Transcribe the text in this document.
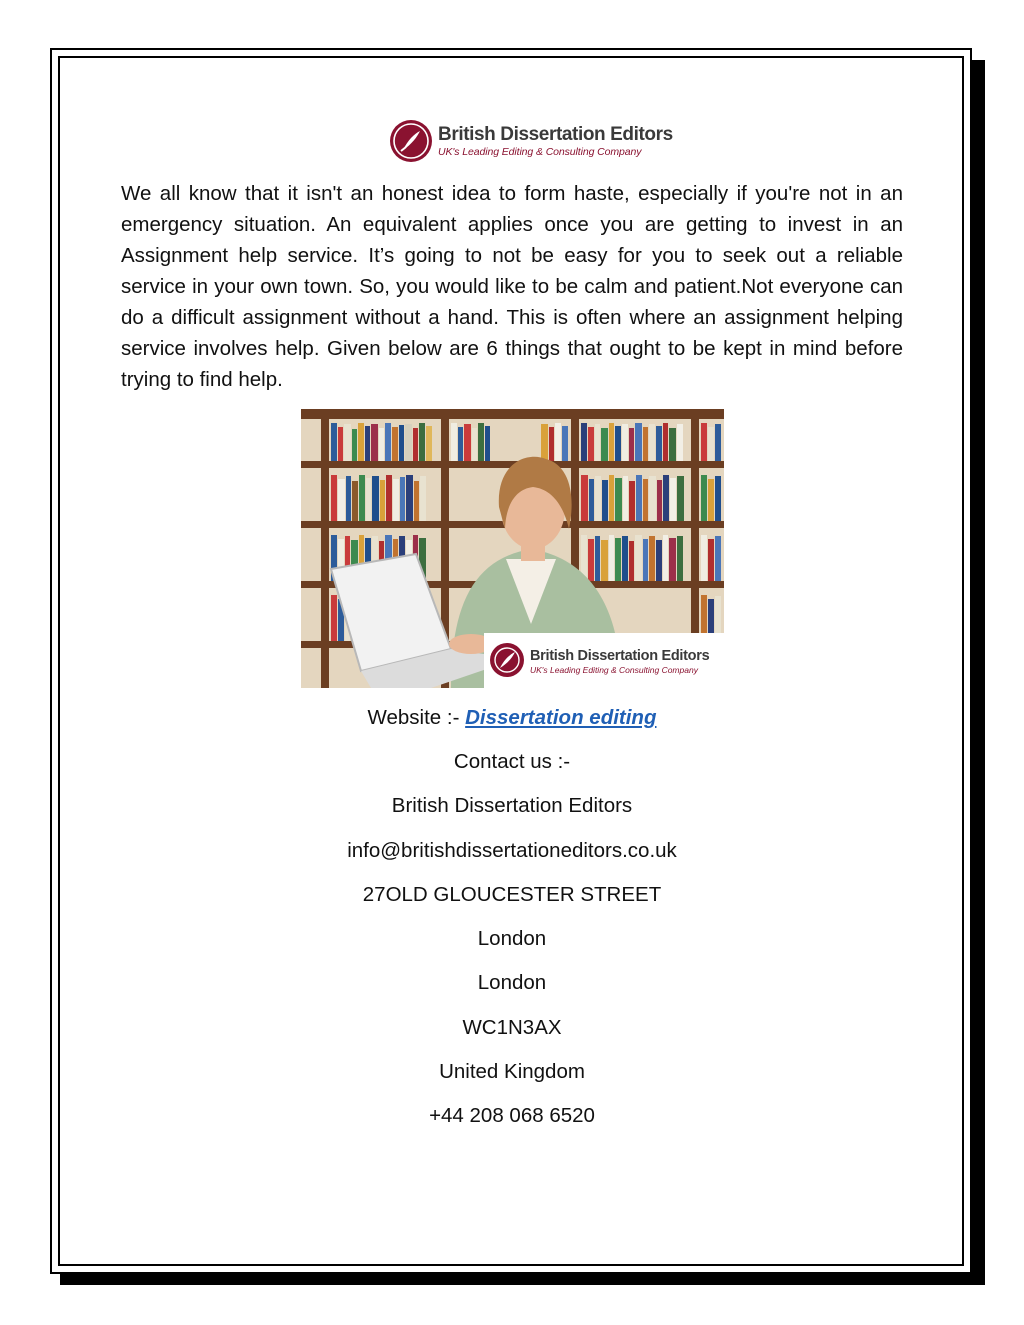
British Dissertation Editors
UK's Leading Editing & Consulting Company

We all know that it isn't an honest idea to form haste, especially if you're not in an emergency situation. An equivalent applies once you are getting to invest in an Assignment help service. It’s going to not be easy for you to seek out a reliable service in your own town. So, you would like to be calm and patient.Not everyone can do a difficult assignment without a hand. This is often where an assignment helping service involves help. Given below are 6 things that ought to be kept in mind before trying to find help.

British Dissertation Editors
UK's Leading Editing & Consulting Company
Website :- Dissertation editing
Contact us :-
British Dissertation Editors
info@britishdissertationeditors.co.uk
27OLD GLOUCESTER STREET
London
London
WC1N3AX
United Kingdom
+44 208 068 6520
